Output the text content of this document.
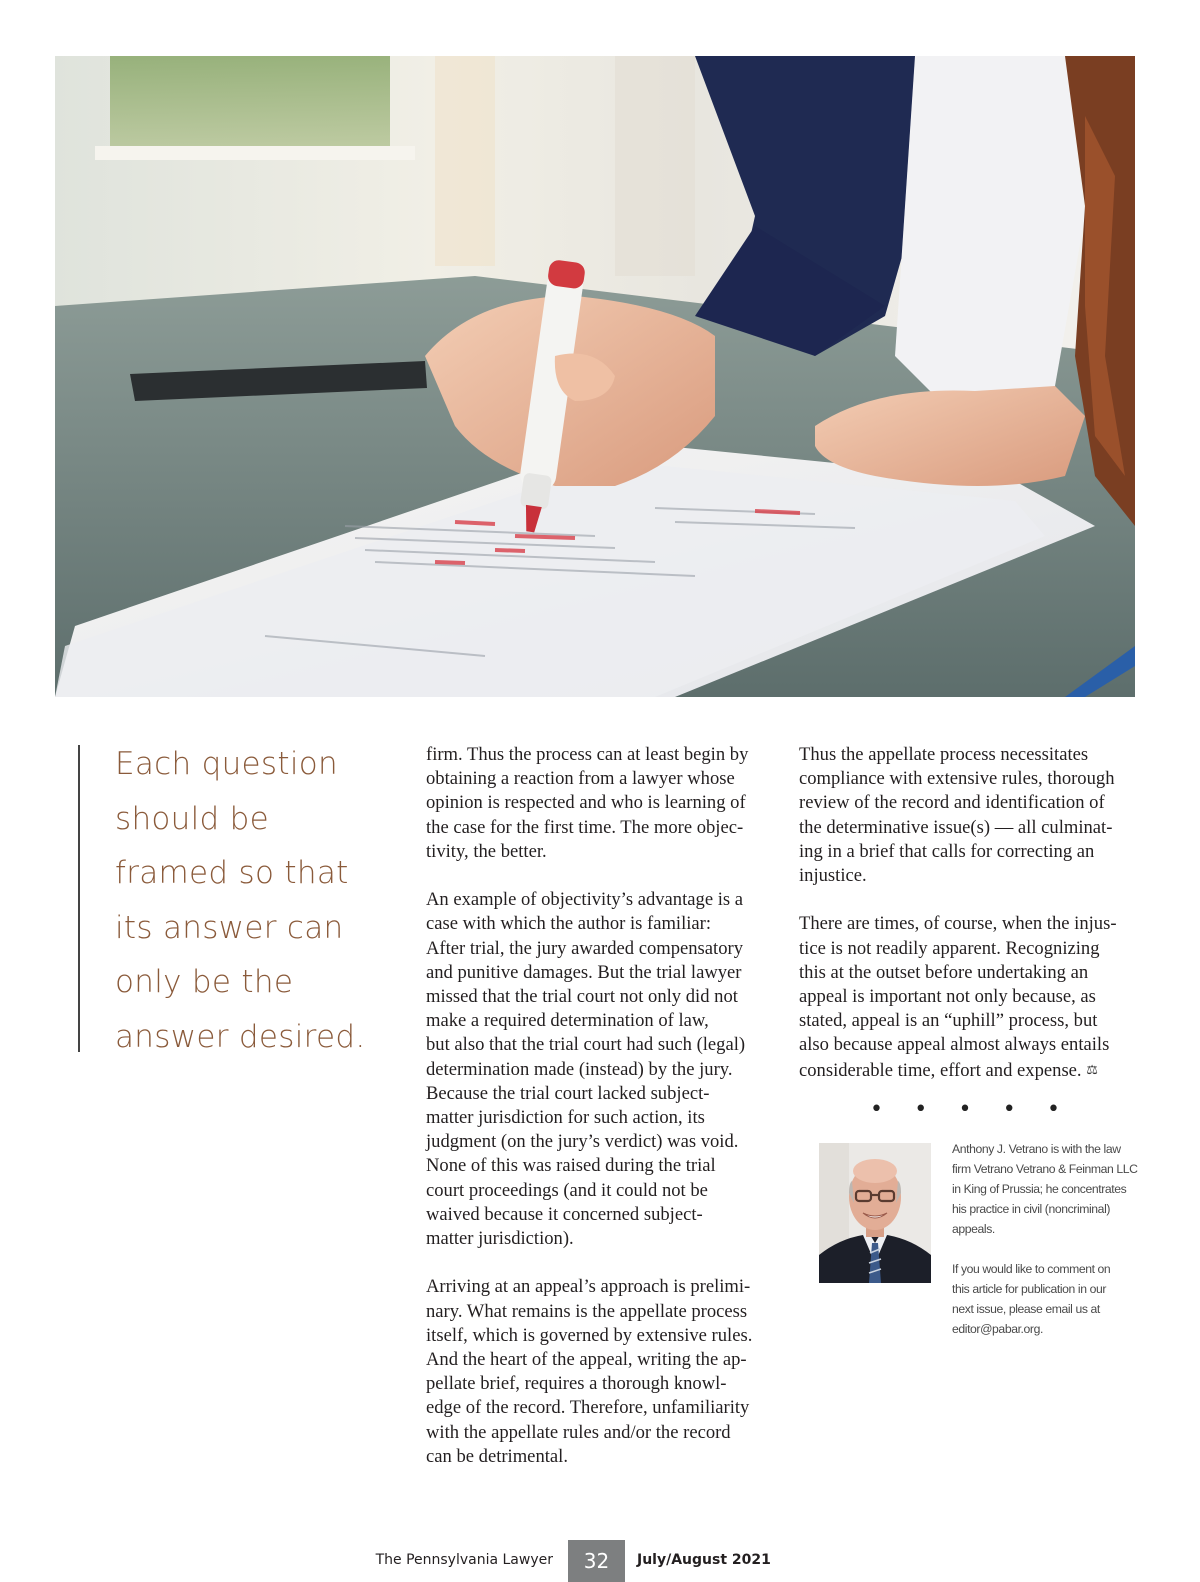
Each question
should be
framed so that
its answer can
only be the
answer desired.
firm. Thus the process can at least begin by
obtaining a reaction from a lawyer whose
opinion is respected and who is learning of
the case for the first time. The more objec-
tivity, the better.
An example of objectivity’s advantage is a
case with which the author is familiar:
After trial, the jury awarded compensatory
and punitive damages. But the trial lawyer
missed that the trial court not only did not
make a required determination of law,
but also that the trial court had such (legal)
determination made (instead) by the jury.
Because the trial court lacked subject-
matter jurisdiction for such action, its
judgment (on the jury’s verdict) was void.
None of this was raised during the trial
court proceedings (and it could not be
waived because it concerned subject-
matter jurisdiction).
Arriving at an appeal’s approach is prelimi-
nary. What remains is the appellate process
itself, which is governed by extensive rules.
And the heart of the appeal, writing the ap-
pellate brief, requires a thorough knowl-
edge of the record. Therefore, unfamiliarity
with the appellate rules and/or the record
can be detrimental.
Thus the appellate process necessitates
compliance with extensive rules, thorough
review of the record and identification of
the determinative issue(s) — all culminat-
ing in a brief that calls for correcting an
injustice.
There are times, of course, when the injus-
tice is not readily apparent. Recognizing
this at the outset before undertaking an
appeal is important not only because, as
stated, appeal is an “uphill” process, but
also because appeal almost always entails
considerable time, effort and expense. ⚖
• • • • •
Anthony J. Vetrano is with the law
firm Vetrano Vetrano & Feinman LLC
in King of Prussia; he concentrates
his practice in civil (noncriminal)
appeals.
If you would like to comment on
this article for publication in our
next issue, please email us at
editor@pabar.org.
The Pennsylvania Lawyer	32	July/August 2021
